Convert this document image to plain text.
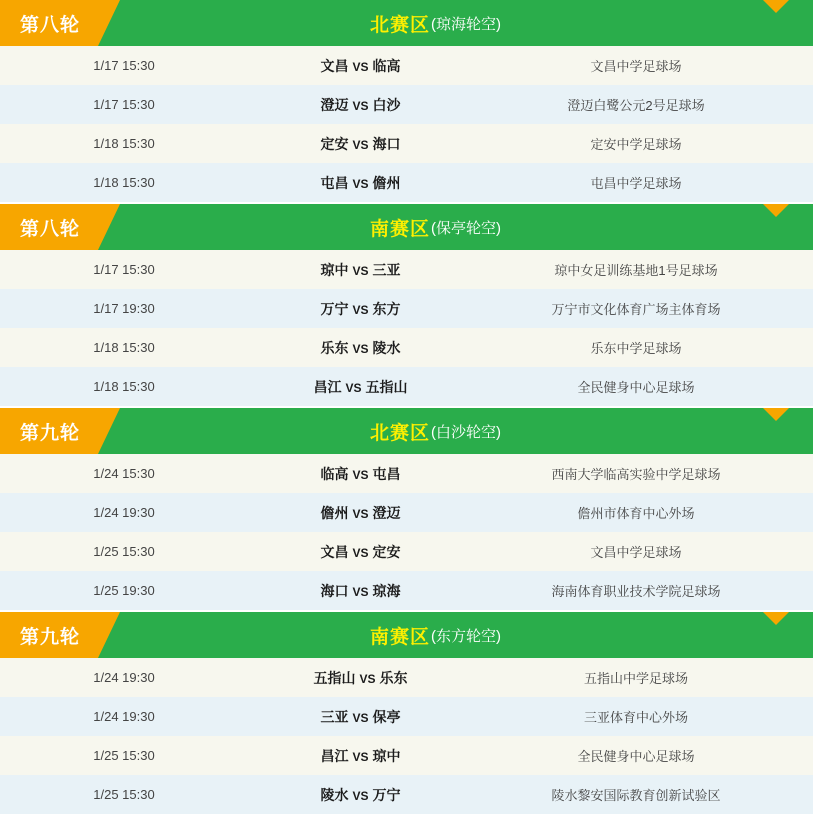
第八轮	北赛区 (琼海轮空)
1/17 15:30	文昌 VS 临高	文昌中学足球场
1/17 15:30	澄迈 VS 白沙	澄迈白鹭公元2号足球场
1/18 15:30	定安 VS 海口	定安中学足球场
1/18 15:30	屯昌 VS 儋州	屯昌中学足球场
第八轮	南赛区 (保亭轮空)
1/17 15:30	琼中 VS 三亚	琼中女足训练基地1号足球场
1/17 19:30	万宁 VS 东方	万宁市文化体育广场主体育场
1/18 15:30	乐东 VS 陵水	乐东中学足球场
1/18 15:30	昌江 VS 五指山	全民健身中心足球场
第九轮	北赛区 (白沙轮空)
1/24 15:30	临高 VS 屯昌	西南大学临高实验中学足球场
1/24 19:30	儋州 VS 澄迈	儋州市体育中心外场
1/25 15:30	文昌 VS 定安	文昌中学足球场
1/25 19:30	海口 VS 琼海	海南体育职业技术学院足球场
第九轮	南赛区 (东方轮空)
1/24 19:30	五指山 VS 乐东	五指山中学足球场
1/24 19:30	三亚 VS 保亭	三亚体育中心外场
1/25 15:30	昌江 VS 琼中	全民健身中心足球场
1/25 15:30	陵水 VS 万宁	陵水黎安国际教育创新试验区
